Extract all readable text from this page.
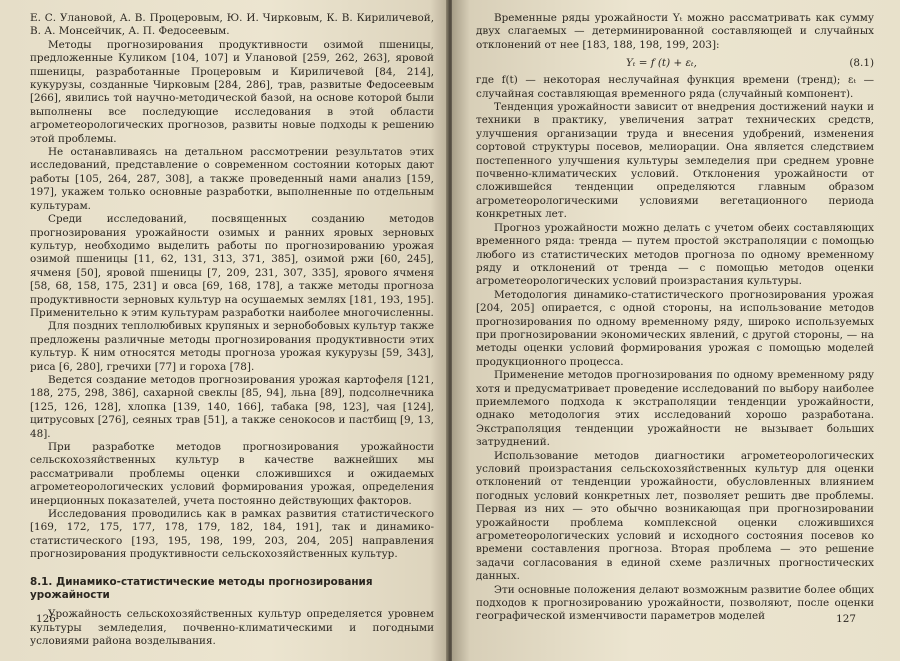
Е. С. Улановой, А. В. Процеровым, Ю. И. Чирковым, К. В. Кириличевой, В. А. Монсейчик, А. П. Федосеевым.

Методы прогнозирования продуктивности озимой пшеницы, предложенные Куликом [104, 107] и Улановой [259, 262, 263], яровой пшеницы, разработанные Процеровым и Кириличевой [84, 214], кукурузы, созданные Чирковым [284, 286], трав, развитые Федосеевым [266], явились той научно-методической базой, на основе которой были выполнены все последующие исследования в этой области агрометеорологических прогнозов, развиты новые подходы к решению этой проблемы.

Не останавливаясь на детальном рассмотрении результатов этих исследований, представление о современном состоянии которых дают работы [105, 264, 287, 308], а также проведенный нами анализ [159, 197], укажем только основные разработки, выполненные по отдельным культурам.

Среди исследований, посвященных созданию методов прогнозирования урожайности озимых и ранних яровых зерновых культур, необходимо выделить работы по прогнозированию урожая озимой пшеницы [11, 62, 131, 313, 371, 385], озимой ржи [60, 245], ячменя [50], яровой пшеницы [7, 209, 231, 307, 335], ярового ячменя [58, 68, 158, 175, 231] и овса [69, 168, 178], а также методы прогноза продуктивности зерновых культур на осушаемых землях [181, 193, 195]. Применительно к этим культурам разработки наиболее многочисленны.

Для поздних теплолюбивых крупяных и зернобобовых культур также предложены различные методы прогнозирования продуктивности этих культур. К ним относятся методы прогноза урожая кукурузы [59, 343], риса [6, 280], гречихи [77] и гороха [78].

Ведется создание методов прогнозирования урожая картофеля [121, 188, 275, 298, 386], сахарной свеклы [85, 94], льна [89], подсолнечника [125, 126, 128], хлопка [139, 140, 166], табака [98, 123], чая [124], цитрусовых [276], сеяных трав [51], а также сенокосов и пастбищ [9, 13, 48].

При разработке методов прогнозирования урожайности сельскохозяйственных культур в качестве важнейших мы рассматривали проблемы оценки сложившихся и ожидаемых агрометеорологических условий формирования урожая, определения инерционных показателей, учета постоянно действующих факторов.

Исследования проводились как в рамках развития статистического [169, 172, 175, 177, 178, 179, 182, 184, 191], так и динамико-статистического [193, 195, 198, 199, 203, 204, 205] направления прогнозирования продуктивности сельскохозяйственных культур.

8.1. Динамико-статистические методы прогнозирования урожайности

Урожайность сельскохозяйственных культур определяется уровнем культуры земледелия, почвенно-климатическими и погодными условиями района возделывания.

126

Временные ряды урожайности Yₜ можно рассматривать как сумму двух слагаемых — детерминированной составляющей и случайных отклонений от нее [183, 188, 198, 199, 203]:

Yₜ = f (t) + εₜ,	(8.1)

где f(t) — некоторая неслучайная функция времени (тренд); εₜ — случайная составляющая временного ряда (случайный компонент).

Тенденция урожайности зависит от внедрения достижений науки и техники в практику, увеличения затрат технических средств, улучшения организации труда и внесения удобрений, изменения сортовой структуры посевов, мелиорации. Она является следствием постепенного улучшения культуры земледелия при среднем уровне почвенно-климатических условий. Отклонения урожайности от сложившейся тенденции определяются главным образом агрометеорологическими условиями вегетационного периода конкретных лет.

Прогноз урожайности можно делать с учетом обеих составляющих временного ряда: тренда — путем простой экстраполяции с помощью любого из статистических методов прогноза по одному временному ряду и отклонений от тренда — с помощью методов оценки агрометеорологических условий произрастания культуры.

Методология динамико-статистического прогнозирования урожая [204, 205] опирается, с одной стороны, на использование методов прогнозирования по одному временному ряду, широко используемых при прогнозировании экономических явлений, с другой стороны, — на методы оценки условий формирования урожая с помощью моделей продукционного процесса.

Применение методов прогнозирования по одному временному ряду хотя и предусматривает проведение исследований по выбору наиболее приемлемого подхода к экстраполяции тенденции урожайности, однако методология этих исследований хорошо разработана. Экстраполяция тенденции урожайности не вызывает больших затруднений.

Использование методов диагностики агрометеорологических условий произрастания сельскохозяйственных культур для оценки отклонений от тенденции урожайности, обусловленных влиянием погодных условий конкретных лет, позволяет решить две проблемы. Первая из них — это обычно возникающая при прогнозировании урожайности проблема комплексной оценки сложившихся агрометеорологических условий и исходного состояния посевов ко времени составления прогноза. Вторая проблема — это решение задачи согласования в единой схеме различных прогностических данных.

Эти основные положения делают возможным развитие более общих подходов к прогнозированию урожайности, позволяют, после оценки географической изменчивости параметров моделей	127
